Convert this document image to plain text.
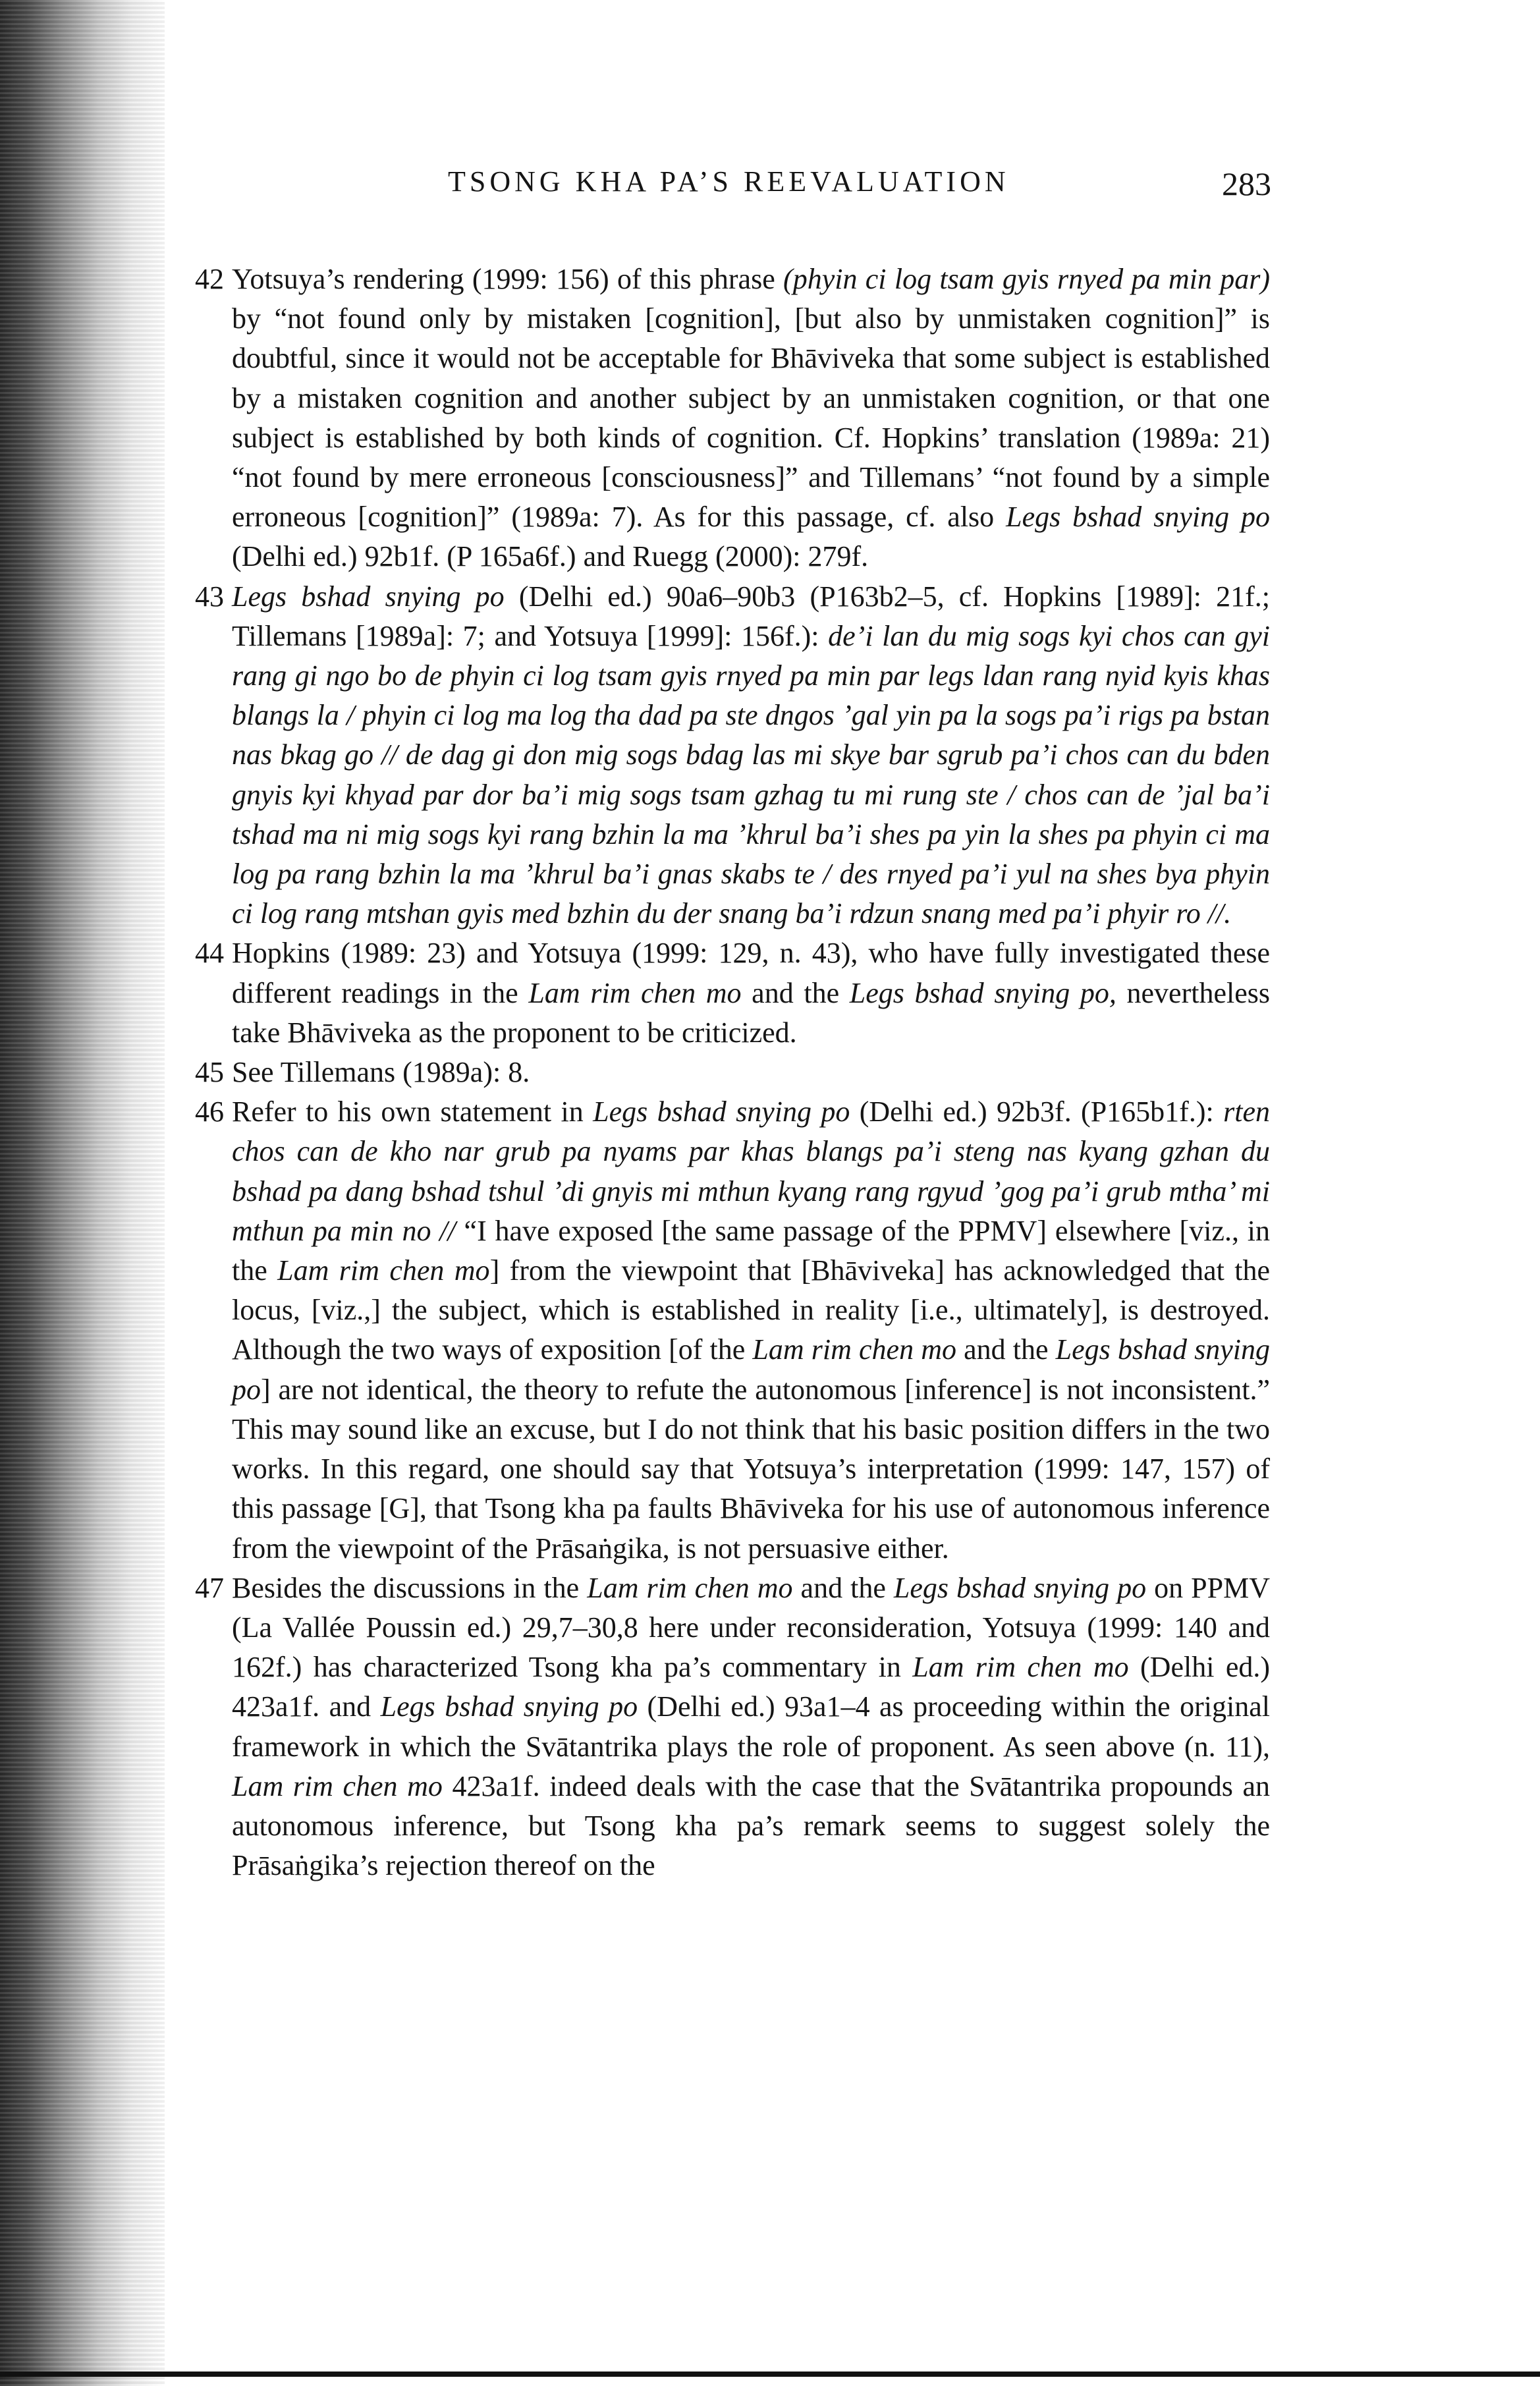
TSONG KHA PA’S REEVALUATION	283
42 Yotsuya’s rendering (1999: 156) of this phrase (phyin ci log tsam gyis rnyed pa min par) by “not found only by mistaken [cognition], [but also by unmistaken cognition]” is doubtful, since it would not be acceptable for Bhāviveka that some subject is established by a mistaken cognition and another subject by an unmistaken cognition, or that one subject is established by both kinds of cognition. Cf. Hopkins’ translation (1989a: 21) “not found by mere erroneous [consciousness]” and Tillemans’ “not found by a simple erroneous [cognition]” (1989a: 7). As for this passage, cf. also Legs bshad snying po (Delhi ed.) 92b1f. (P 165a6f.) and Ruegg (2000): 279f.
43 Legs bshad snying po (Delhi ed.) 90a6–90b3 (P163b2–5, cf. Hopkins [1989]: 21f.; Tillemans [1989a]: 7; and Yotsuya [1999]: 156f.): de’i lan du mig sogs kyi chos can gyi rang gi ngo bo de phyin ci log tsam gyis rnyed pa min par legs ldan rang nyid kyis khas blangs la / phyin ci log ma log tha dad pa ste dngos ’gal yin pa la sogs pa’i rigs pa bstan nas bkag go // de dag gi don mig sogs bdag las mi skye bar sgrub pa’i chos can du bden gnyis kyi khyad par dor ba’i mig sogs tsam gzhag tu mi rung ste / chos can de ’jal ba’i tshad ma ni mig sogs kyi rang bzhin la ma ’khrul ba’i shes pa yin la shes pa phyin ci ma log pa rang bzhin la ma ’khrul ba’i gnas skabs te / des rnyed pa’i yul na shes bya phyin ci log rang mtshan gyis med bzhin du der snang ba’i rdzun snang med pa’i phyir ro //.
44 Hopkins (1989: 23) and Yotsuya (1999: 129, n. 43), who have fully investigated these different readings in the Lam rim chen mo and the Legs bshad snying po, nevertheless take Bhāviveka as the proponent to be criticized.
45 See Tillemans (1989a): 8.
46 Refer to his own statement in Legs bshad snying po (Delhi ed.) 92b3f. (P165b1f.): rten chos can de kho nar grub pa nyams par khas blangs pa’i steng nas kyang gzhan du bshad pa dang bshad tshul ’di gnyis mi mthun kyang rang rgyud ’gog pa’i grub mtha’ mi mthun pa min no // “I have exposed [the same passage of the PPMV] elsewhere [viz., in the Lam rim chen mo] from the viewpoint that [Bhāviveka] has acknowledged that the locus, [viz.,] the subject, which is established in reality [i.e., ultimately], is destroyed. Although the two ways of exposition [of the Lam rim chen mo and the Legs bshad snying po] are not identical, the theory to refute the autonomous [inference] is not inconsistent.” This may sound like an excuse, but I do not think that his basic position differs in the two works. In this regard, one should say that Yotsuya’s interpretation (1999: 147, 157) of this passage [G], that Tsong kha pa faults Bhāviveka for his use of autonomous inference from the viewpoint of the Prāsaṅgika, is not persuasive either.
47 Besides the discussions in the Lam rim chen mo and the Legs bshad snying po on PPMV (La Vallée Poussin ed.) 29,7–30,8 here under reconsideration, Yotsuya (1999: 140 and 162f.) has characterized Tsong kha pa’s commentary in Lam rim chen mo (Delhi ed.) 423a1f. and Legs bshad snying po (Delhi ed.) 93a1–4 as proceeding within the original framework in which the Svātantrika plays the role of proponent. As seen above (n. 11), Lam rim chen mo 423a1f. indeed deals with the case that the Svātantrika propounds an autonomous inference, but Tsong kha pa’s remark seems to suggest solely the Prāsaṅgika’s rejection thereof on the
